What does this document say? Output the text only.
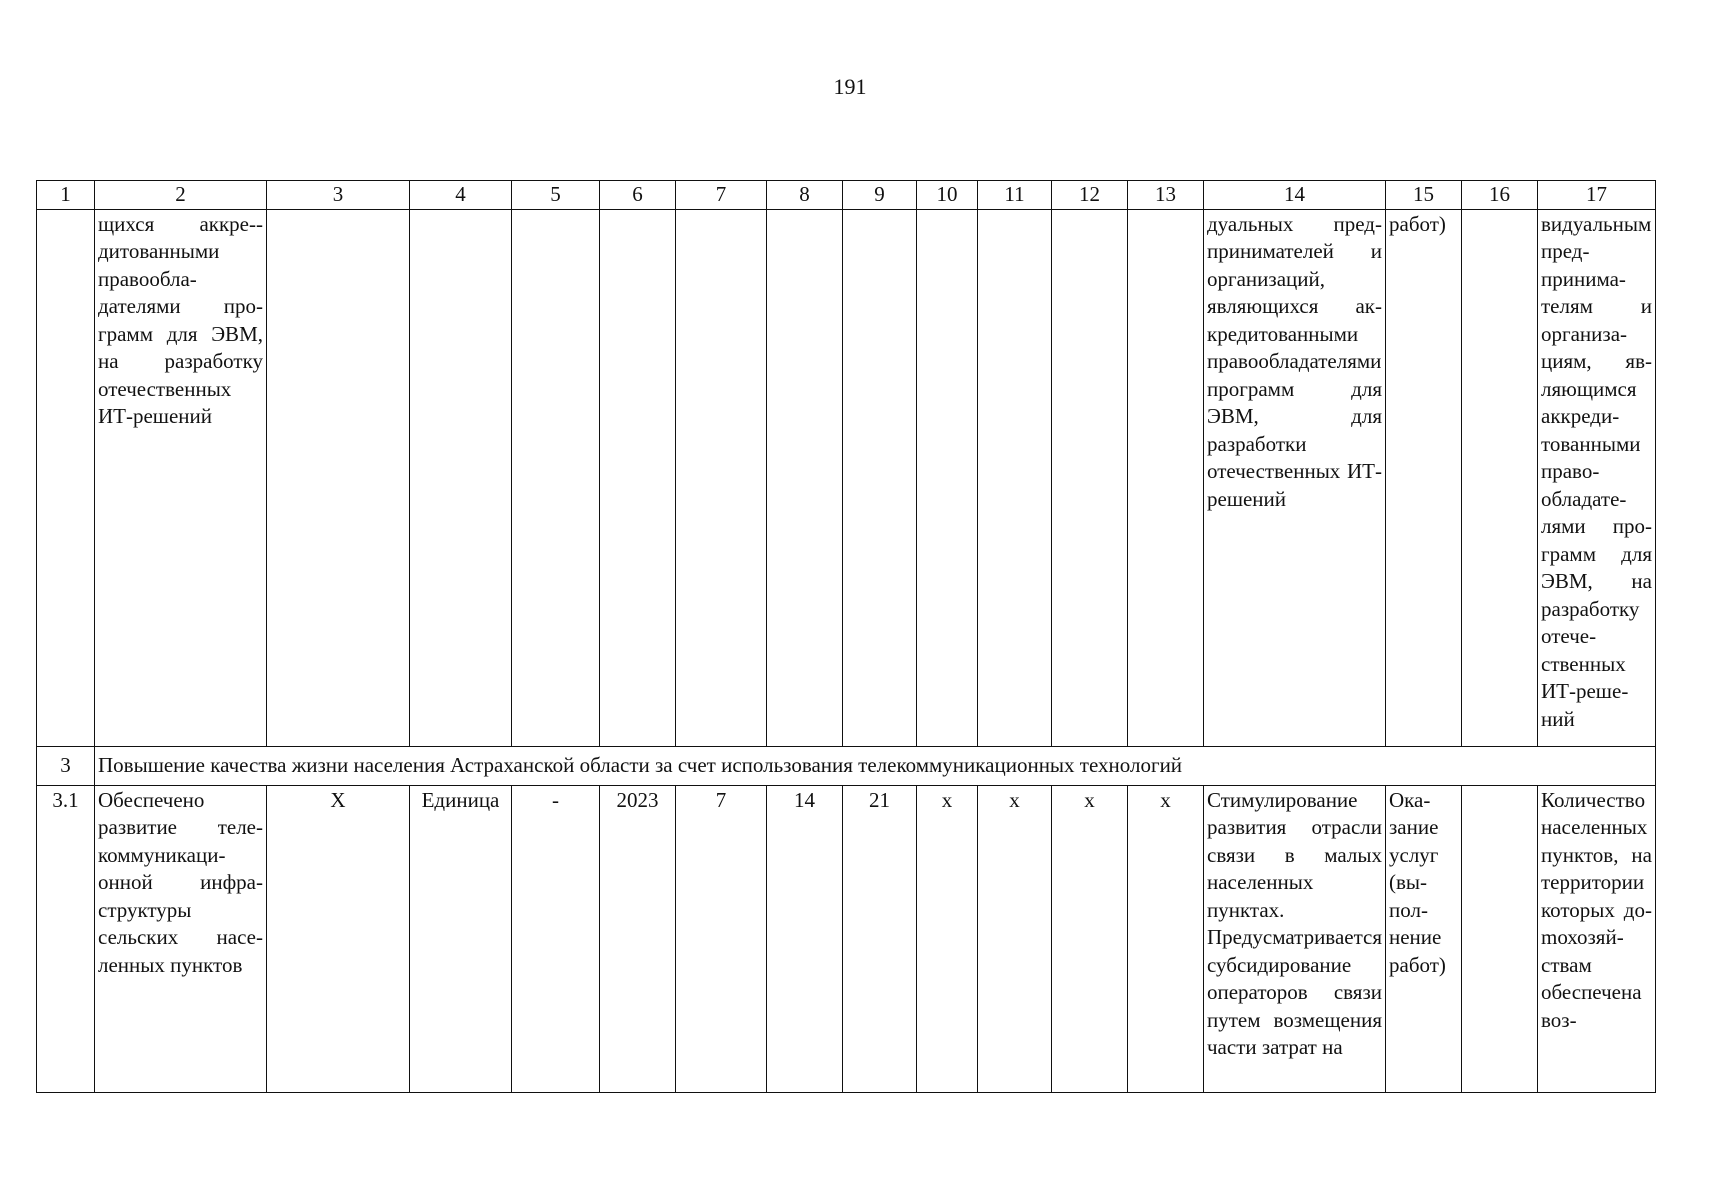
191
1	2	3	4	5	6	7	8	9	10	11	12	13	14	15	16	17
	щихся аккре-дитованными правообладателями программ для ЭВМ, на разработку отечественных ИТ-решений												дуальных предпринимателей и организаций, являющихся аккредитованными правообладателями программ для ЭВМ, для разработки отечественных ИТ-решений	работ)		видуальным предпринимателям и организациям, являющимся аккредитованными правообладателями программ для ЭВМ, на разработку отечественных ИТ-решений
3	Повышение качества жизни населения Астраханской области за счет использования телекоммуникационных технологий															
3.1	Обеспечено развитие телекоммуникационной инфраструктуры сельских населенных пунктов	Х	Единица	-	2023	7	14	21	х	х	х	х	Стимулирование развития отрасли связи в малых населенных пунктах. Предусматривается субсидирование операторов связи путем возмещения части затрат на	Оказание услуг (выполнение работ)		Количество населенных пунктов, на территории которых доmохозяйствам обеспечена воз-
